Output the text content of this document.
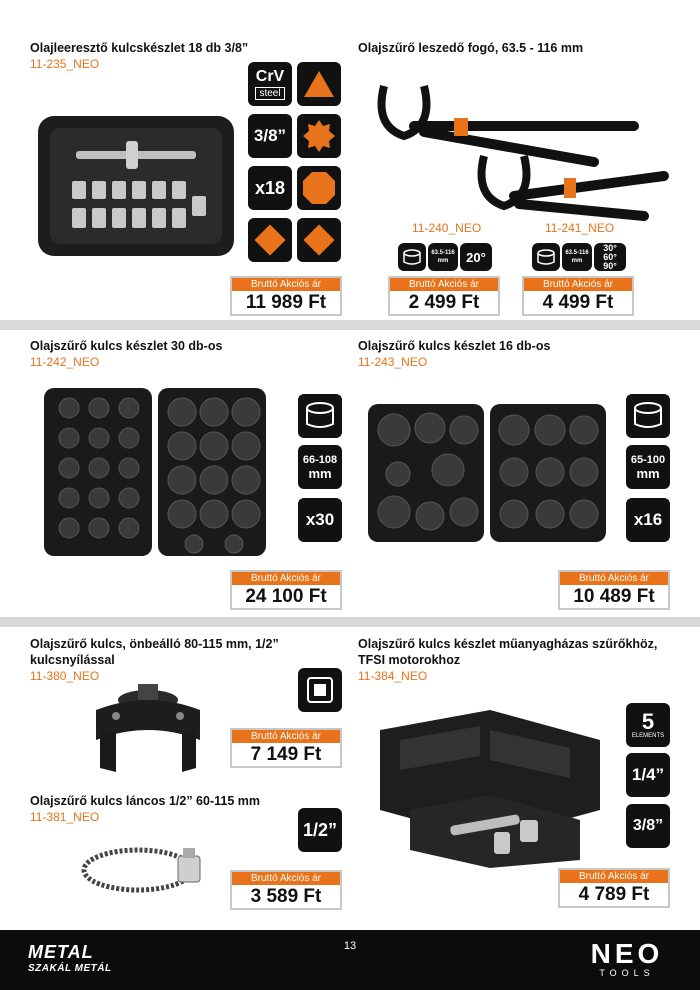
Olajleeresztő kulcskészlet 18 db 3/8”
11-235_NEO
CrV
steel
3/8”
x18
Bruttó Akciós ár
11 989 Ft
Olajszűrő leszedő fogó, 63.5 - 116 mm
11-240_NEO	11-241_NEO
63.5-116 mm	20°	63.5-116 mm
30°
60°
90°
Bruttó Akciós ár
2 499 Ft
Bruttó Akciós ár
4 499 Ft
Olajszűrő kulcs készlet 30 db-os
11-242_NEO
66-108
mm
x30
Bruttó Akciós ár
24 100 Ft
Olajszűrő kulcs készlet 16 db-os
11-243_NEO
65-100
mm
x16
Bruttó Akciós ár
10 489 Ft
Olajszűrő kulcs, önbeálló 80-115 mm, 1/2”
kulcsnyílással
11-380_NEO
Bruttó Akciós ár
7 149 Ft
Olajszűrő kulcs láncos 1/2” 60-115 mm
11-381_NEO
1/2”
Bruttó Akciós ár
3 589 Ft
Olajszűrő kulcs készlet műanyagházas szűrőkhöz,
TFSI motorokhoz
11-384_NEO
5
ELEMENTS
1/4”
3/8”
Bruttó Akciós ár
4 789 Ft
13
METAL
SZAKÁL METÁL	NEO
TOOLS
